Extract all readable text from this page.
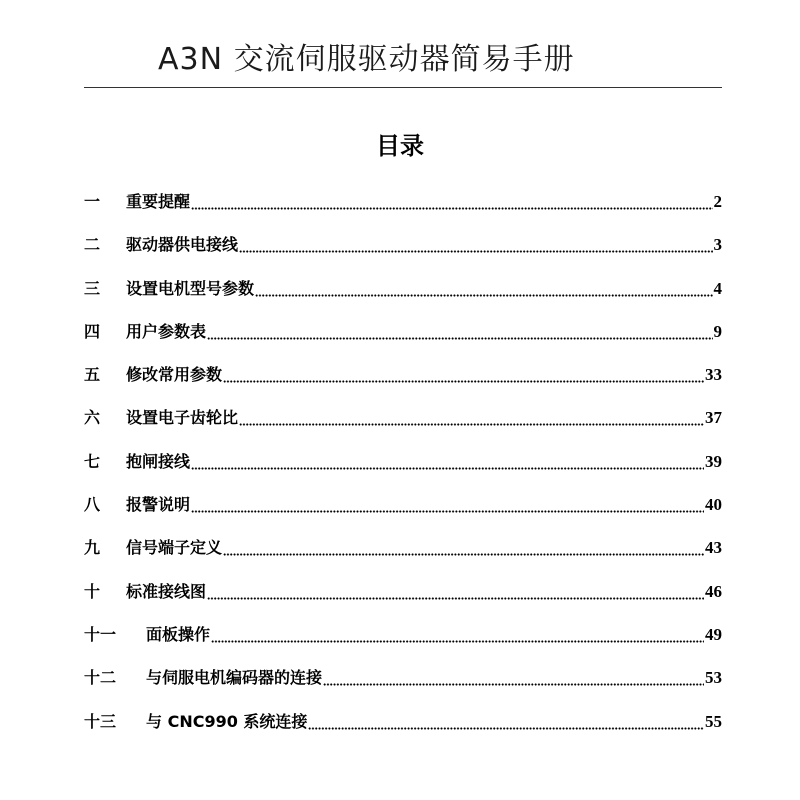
A3N 交流伺服驱动器简易手册
目录
一	重要提醒	2
二	驱动器供电接线	3
三	设置电机型号参数	4
四	用户参数表	9
五	修改常用参数	33
六	设置电子齿轮比	37
七	抱闸接线	39
八	报警说明	40
九	信号端子定义	43
十	标准接线图	46
十一	面板操作	49
十二	与伺服电机编码器的连接	53
十三	与 CNC990 系统连接	55
